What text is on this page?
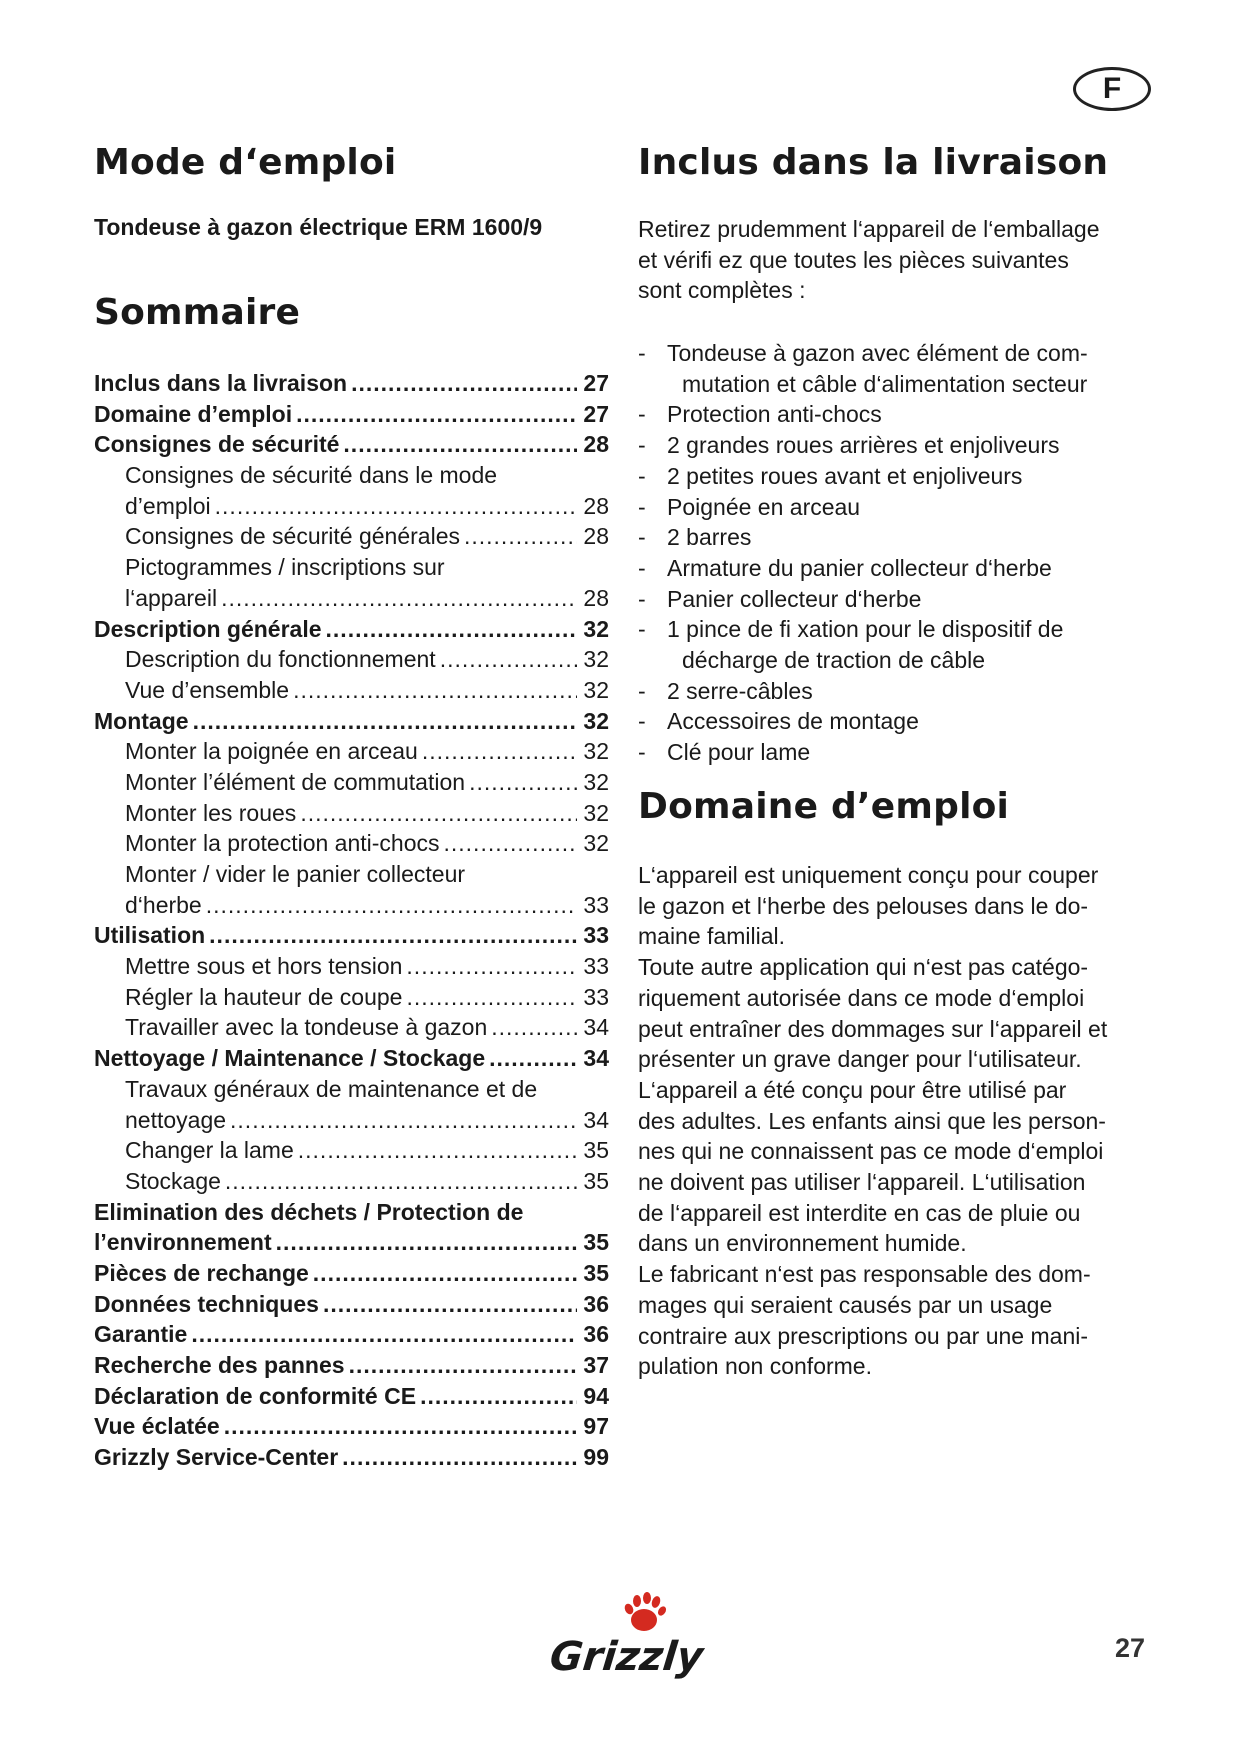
F
Mode d‘emploi
Tondeuse à gazon électrique ERM 1600/9
Sommaire
Inclus dans la livraison .....	27
Domaine d’emploi .....	27
Consignes de sécurité .....	28
Consignes de sécurité dans le mode
d’emploi .....	28
Consignes de sécurité générales .....	28
Pictogrammes / inscriptions sur
l‘appareil .....	28
Description générale .....	32
Description du fonctionnement .....	32
Vue d’ensemble .....	32
Montage .....	32
Monter la poignée en arceau .....	32
Monter l’élément de commutation .....	32
Monter les roues .....	32
Monter la protection anti-chocs .....	32
Monter / vider le panier collecteur
d‘herbe .....	33
Utilisation .....	33
Mettre sous et hors tension .....	33
Régler la hauteur de coupe .....	33
Travailler avec la tondeuse à gazon .....	34
Nettoyage / Maintenance / Stockage .....	34
Travaux généraux de maintenance et de
nettoyage .....	34
Changer la lame .....	35
Stockage .....	35
Elimination des déchets / Protection de
l’environnement .....	35
Pièces de rechange .....	35
Données techniques .....	36
Garantie .....	36
Recherche des pannes .....	37
Déclaration de conformité CE .....	94
Vue éclatée .....	97
Grizzly Service-Center .....	99
Inclus dans la livraison

Retirez prudemment l‘appareil de l‘emballage
et vérifi ez que toutes les pièces suivantes
sont complètes :

- Tondeuse à gazon avec élément de com-
mutation et câble d‘alimentation secteur
- Protection anti-chocs
- 2 grandes roues arrières et enjoliveurs
- 2 petites roues avant et enjoliveurs
- Poignée en arceau
- 2 barres
- Armature du panier collecteur d‘herbe
- Panier collecteur d‘herbe
- 1 pince de fi xation pour le dispositif de
décharge de traction de câble
- 2 serre-câbles
- Accessoires de montage
- Clé pour lame
Domaine d’emploi

L‘appareil est uniquement conçu pour couper
le gazon et l‘herbe des pelouses dans le do-
maine familial.
Toute autre application qui n‘est pas catégo-
riquement autorisée dans ce mode d‘emploi
peut entraîner des dommages sur l‘appareil et
présenter un grave danger pour l‘utilisateur.
L‘appareil a été conçu pour être utilisé par
des adultes. Les enfants ainsi que les person-
nes qui ne connaissent pas ce mode d‘emploi
ne doivent pas utiliser l‘appareil. L‘utilisation
de l‘appareil est interdite en cas de pluie ou
dans un environnement humide.
Le fabricant n‘est pas responsable des dom-
mages qui seraient causés par un usage
contraire aux prescriptions ou par une mani-
pulation non conforme.

Grizzly	27
